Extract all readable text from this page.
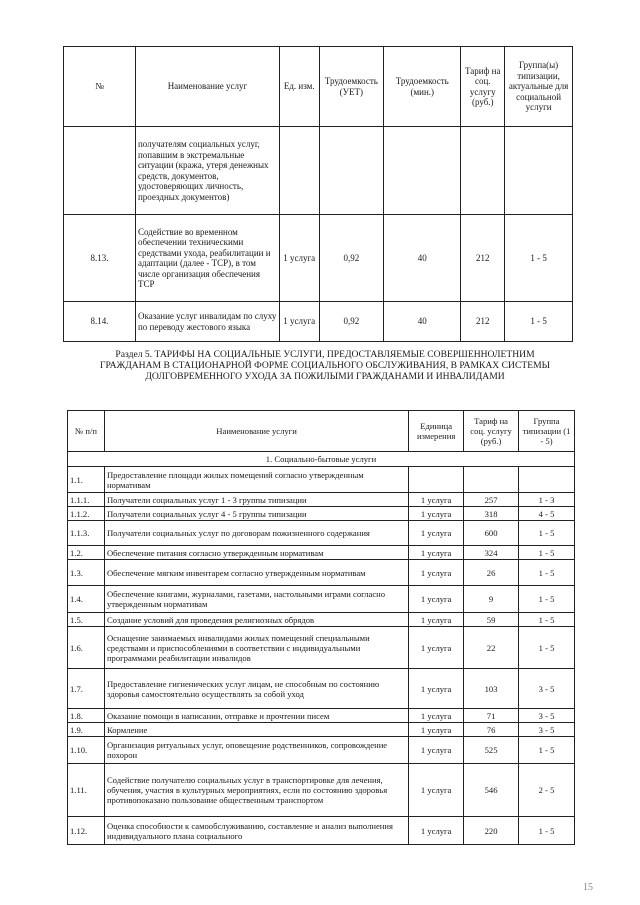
№	Наименование услуг	Ед. изм.	Трудоемкость (УЕТ)	Трудоемкость (мин.)	Тариф на соц. услугу (руб.)	Группа(ы) типизации, актуальные для социальной услуги
	получателям социальных услуг, попавшим в экстремальные ситуации (кража, утеря денежных средств, документов, удостоверяющих личность, проездных документов)					
8.13.	Содействие во временном обеспечении техническими средствами ухода, реабилитации и адаптации (далее - ТСР), в том числе организация обеспечения ТСР	1 услуга	0,92	40	212	1 - 5
8.14.	Оказание услуг инвалидам по слуху по переводу жестового языка	1 услуга	0,92	40	212	1 - 5
Раздел 5. ТАРИФЫ НА СОЦИАЛЬНЫЕ УСЛУГИ, ПРЕДОСТАВЛЯЕМЫЕ СОВЕРШЕННОЛЕТНИМ ГРАЖДАНАМ В СТАЦИОНАРНОЙ ФОРМЕ СОЦИАЛЬНОГО ОБСЛУЖИВАНИЯ, В РАМКАХ СИСТЕМЫ ДОЛГОВРЕМЕННОГО УХОДА ЗА ПОЖИЛЫМИ ГРАЖДАНАМИ И ИНВАЛИДАМИ
№ п/п	Наименование услуги	Единица измерения	Тариф на соц. услугу (руб.)	Группа типизации (1 - 5)
1. Социально-бытовые услуги				
1.1.	Предоставление площади жилых помещений согласно утвержденным нормативам			
1.1.1.	Получатели социальных услуг 1 - 3 группы типизации	1 услуга	257	1 - 3
1.1.2.	Получатели социальных услуг 4 - 5 группы типизации	1 услуга	318	4 - 5
1.1.3.	Получатели социальных услуг по договорам пожизненного содержания	1 услуга	600	1 - 5
1.2.	Обеспечение питания согласно утвержденным нормативам	1 услуга	324	1 - 5
1.3.	Обеспечение мягким инвентарем согласно утвержденным нормативам	1 услуга	26	1 - 5
1.4.	Обеспечение книгами, журналами, газетами, настольными играми согласно утвержденным нормативам	1 услуга	9	1 - 5
1.5.	Создание условий для проведения религиозных обрядов	1 услуга	59	1 - 5
1.6.	Оснащение занимаемых инвалидами жилых помещений специальными средствами и приспособлениями в соответствии с индивидуальными программами реабилитации инвалидов	1 услуга	22	1 - 5
1.7.	Предоставление гигиенических услуг лицам, не способным по состоянию здоровья самостоятельно осуществлять за собой уход	1 услуга	103	3 - 5
1.8.	Оказание помощи в написании, отправке и прочтении писем	1 услуга	71	3 - 5
1.9.	Кормление	1 услуга	76	3 - 5
1.10.	Организация ритуальных услуг, оповещение родственников, сопровождение похорон	1 услуга	525	1 - 5
1.11.	Содействие получателю социальных услуг в транспортировке для лечения, обучения, участия в культурных мероприятиях, если по состоянию здоровья противопоказано пользование общественным транспортом	1 услуга	546	2 - 5
1.12.	Оценка способности к самообслуживанию, составление и анализ выполнения индивидуального плана социального	1 услуга	220	1 - 5
15
